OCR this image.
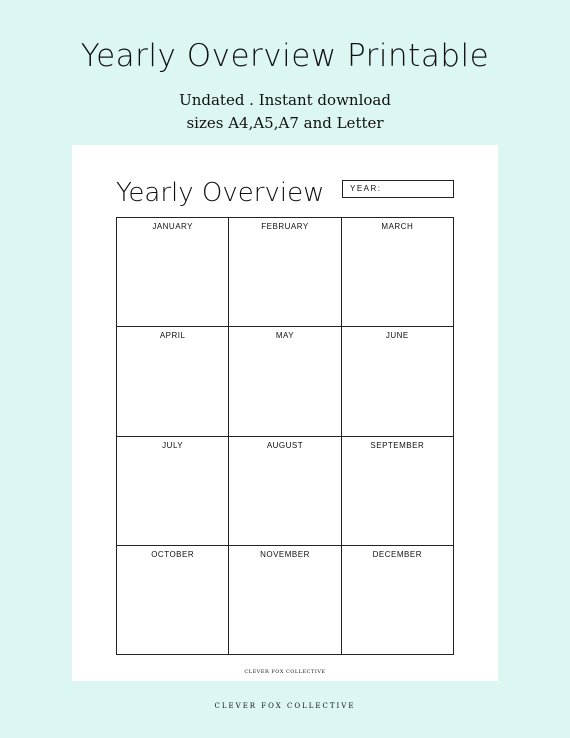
Yearly Overview Printable
Undated . Instant download
sizes A4,A5,A7 and Letter
Yearly Overview	YEAR:
JANUARY	FEBRUARY	MARCH
APRIL	MAY	JUNE
JULY	AUGUST	SEPTEMBER
OCTOBER	NOVEMBER	DECEMBER
CLEVER FOX COLLECTIVE
CLEVER FOX COLLECTIVE
